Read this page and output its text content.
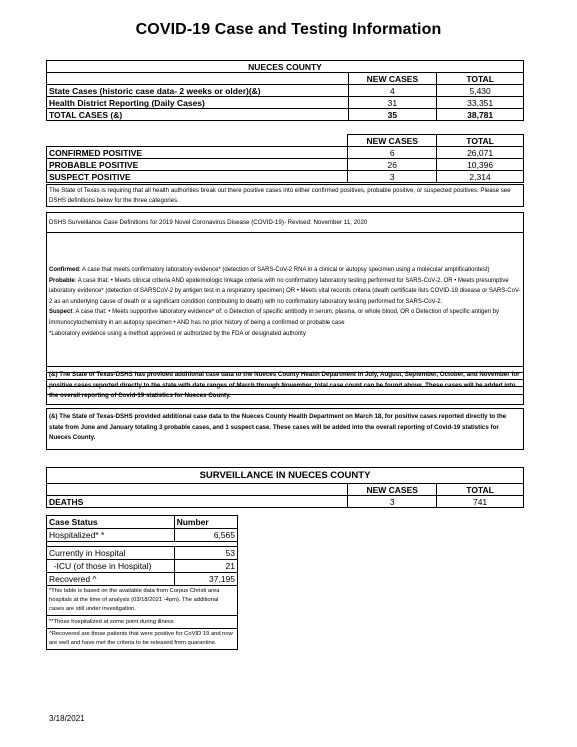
COVID-19 Case and Testing Information
NUECES COUNTY		
	NEW CASES	TOTAL
State Cases (historic case data- 2 weeks or older)(&)	4	5,430
Health District Reporting (Daily Cases)	31	33,351
TOTAL CASES (&)	35	38,781
	NEW CASES	TOTAL
CONFIRMED POSITIVE	6	26,071
PROBABLE POSITIVE	26	10,396
SUSPECT POSITIVE	3	2,314
The State of Texas is requiring that all health authorities break out there positive cases into either confirmed positives, probable positive, or suspected positives. Please see DSHS definitions below for the three categories.
DSHS Surveillance Case Definitions for 2019 Novel Coronavirus Disease (COVID-19)- Revised: November 11, 2020
Confirmed: A case that meets confirmatory laboratory evidence* (detection of SARS-CoV-2 RNA in a clinical or autopsy specimen using a molecular amplificationtest)
Probable: A case that: • Meets clinical criteria AND epidemiologic linkage criteria with no confirmatory laboratory testing performed for SARS-CoV-2, OR • Meets presumptive laboratory evidence* (detection of SARSCoV-2 by antigen test in a respiratory specimen) OR • Meets vital records criteria (death certificate lists COVID-19 disease or SARS-CoV-2 as an underlying cause of death or a significant condition contributing to death) with no confirmatory laboratory testing performed for SARS-CoV-2.
Suspect: A case that: • Meets supportive laboratory evidence* of: o Detection of specific antibody in serum, plasma, or whole blood, OR o Detection of specific antigen by immunocytochemistry in an autopsy specimen • AND has no prior history of being a confirmed or probable case
*Laboratory evidence using a method approved or authorized by the FDA or designated authority
(&) The State of Texas-DSHS has provided additional case data to the Nueces County Health Department in July, August, September, October, and November for positive cases reported directly to the state with date ranges of March through November, total case count can be found above. These cases will be added into the overall reporting of Covid-19 statistics for Nueces County.
(&) The State of Texas-DSHS provided additional case data to the Nueces County Health Department on March 18, for positive cases reported directly to the state from June and January totaling 3 probable cases, and 1 suspect case. These cases will be added into the overall reporting of Covid-19 statistics for Nueces County.
SURVEILLANCE IN NUECES COUNTY		
	NEW CASES	TOTAL
DEATHS	3	741
Case Status	Number
Hospitalized* *	6,565

Currently in Hospital	53
-ICU (of those in Hospital)	21
Recovered ^	37,195
*This table is based on the available data from Corpus Christi area hospitals at the time of analysis (03/18/2021 -4pm). The additional cases are still under investigation.	
**Those hospitalized at some point during illness	
^Recovered are those patients that were positive for CoVID 19 and now are well and have met the criteria to be released from quarantine.	
3/18/2021
